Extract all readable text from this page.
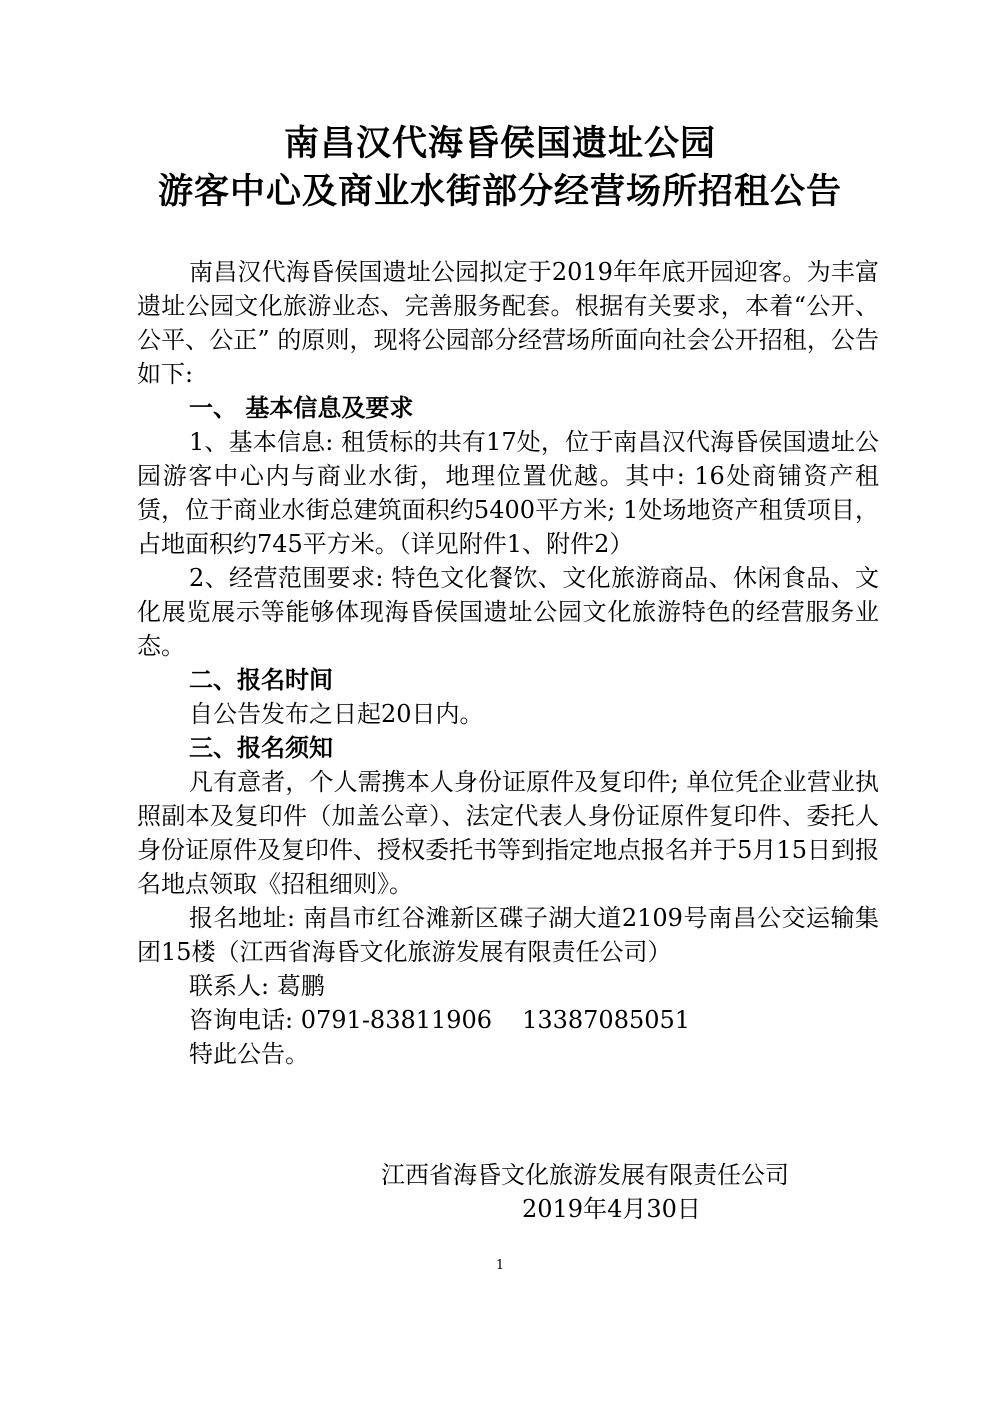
南昌汉代海昏侯国遗址公园
游客中心及商业水街部分经营场所招租公告

南昌汉代海昏侯国遗址公园拟定于2019年年底开园迎客。为丰富遗址公园文化旅游业态、完善服务配套。根据有关要求，本着“公开、公平、公正” 的原则，现将公园部分经营场所面向社会公开招租，公告如下:

一、 基本信息及要求

1、基本信息: 租赁标的共有17处，位于南昌汉代海昏侯国遗址公园游客中心内与商业水街，地理位置优越。其中: 16处商铺资产租赁，位于商业水街总建筑面积约5400平方米; 1处场地资产租赁项目，占地面积约745平方米。（详见附件1、附件2）

2、经营范围要求: 特色文化餐饮、文化旅游商品、休闲食品、文化展览展示等能够体现海昏侯国遗址公园文化旅游特色的经营服务业态。

二、报名时间

自公告发布之日起20日内。

三、报名须知

凡有意者，个人需携本人身份证原件及复印件; 单位凭企业营业执照副本及复印件（加盖公章）、法定代表人身份证原件复印件、委托人身份证原件及复印件、授权委托书等到指定地点报名并于5月15日到报名地点领取《招租细则》。

报名地址: 南昌市红谷滩新区碟子湖大道2109号南昌公交运输集团15楼（江西省海昏文化旅游发展有限责任公司）

联系人: 葛鹏

咨询电话: 0791-83811906 13387085051

特此公告。

江西省海昏文化旅游发展有限责任公司
2019年4月30日
1
